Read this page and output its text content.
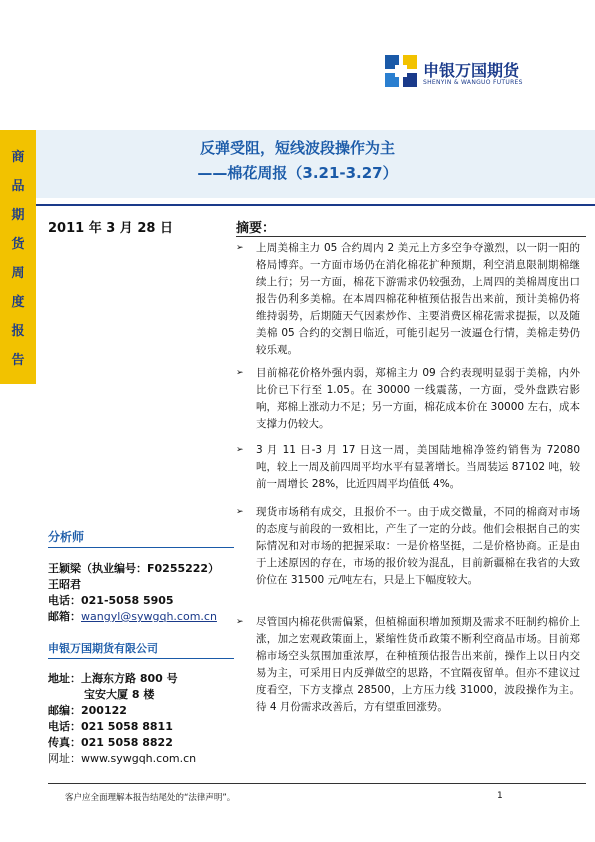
申银万国期货
SHENYIN & WANGUO FUTURES
商
品
期
货
周
度
报
告
反弹受阻，短线波段操作为主
——棉花周报（3.21-3.27）
2011 年 3 月 28 日	摘要：
➢ 上周美棉主力 05 合约周内 2 美元上方多空争夺激烈，以一阴一阳的格局博弈。一方面市场仍在消化棉花扩种预期，利空消息限制期棉继续上行；另一方面，棉花下游需求仍较强劲，上周四的美棉周度出口报告仍利多美棉。在本周四棉花种植预估报告出来前，预计美棉仍将维持弱势，后期随天气因素炒作、主要消费区棉花需求提振，以及随美棉 05 合约的交割日临近，可能引起另一波逼仓行情，美棉走势仍较乐观。
➢ 目前棉花价格外强内弱，郑棉主力 09 合约表现明显弱于美棉，内外比价已下行至 1.05。在 30000 一线震荡，一方面，受外盘跌宕影响，郑棉上涨动力不足；另一方面，棉花成本价在 30000 左右，成本支撑力仍较大。
➢ 3 月 11 日-3 月 17 日这一周，美国陆地棉净签约销售为 72080 吨，较上一周及前四周平均水平有显著增长。当周装运 87102 吨，较前一周增长 28%，比近四周平均值低 4%。
➢ 现货市场稍有成交，且报价不一。由于成交微量，不同的棉商对市场的态度与前段的一致相比，产生了一定的分歧。他们会根据自己的实际情况和对市场的把握采取：一是价格坚挺，二是价格协商。正是由于上述原因的存在，市场的报价较为混乱，目前新疆棉在我省的大致价位在 31500 元/吨左右，只是上下幅度较大。
➢ 尽管国内棉花供需偏紧，但植棉面积增加预期及需求不旺制约棉价上涨，加之宏观政策面上，紧缩性货币政策不断利空商品市场。目前郑棉市场空头氛围加重浓厚，在种植预估报告出来前，操作上以日内交易为主，可采用日内反弹做空的思路，不宜隔夜留单。但亦不建议过度看空，下方支撑点 28500，上方压力线 31000，波段操作为主。待 4 月份需求改善后，方有望重回涨势。
分析师
王颖梁（执业编号：F0255222）
王昭君
电话：021-5058 5905
邮箱：wangyl@sywgqh.com.cn
申银万国期货有限公司
地址：上海东方路 800 号
宝安大厦 8 楼
邮编：200122
电话：021 5058 8811
传真：021 5058 8822
网址：www.sywgqh.com.cn
客户应全面理解本报告结尾处的“法律声明”。	1
